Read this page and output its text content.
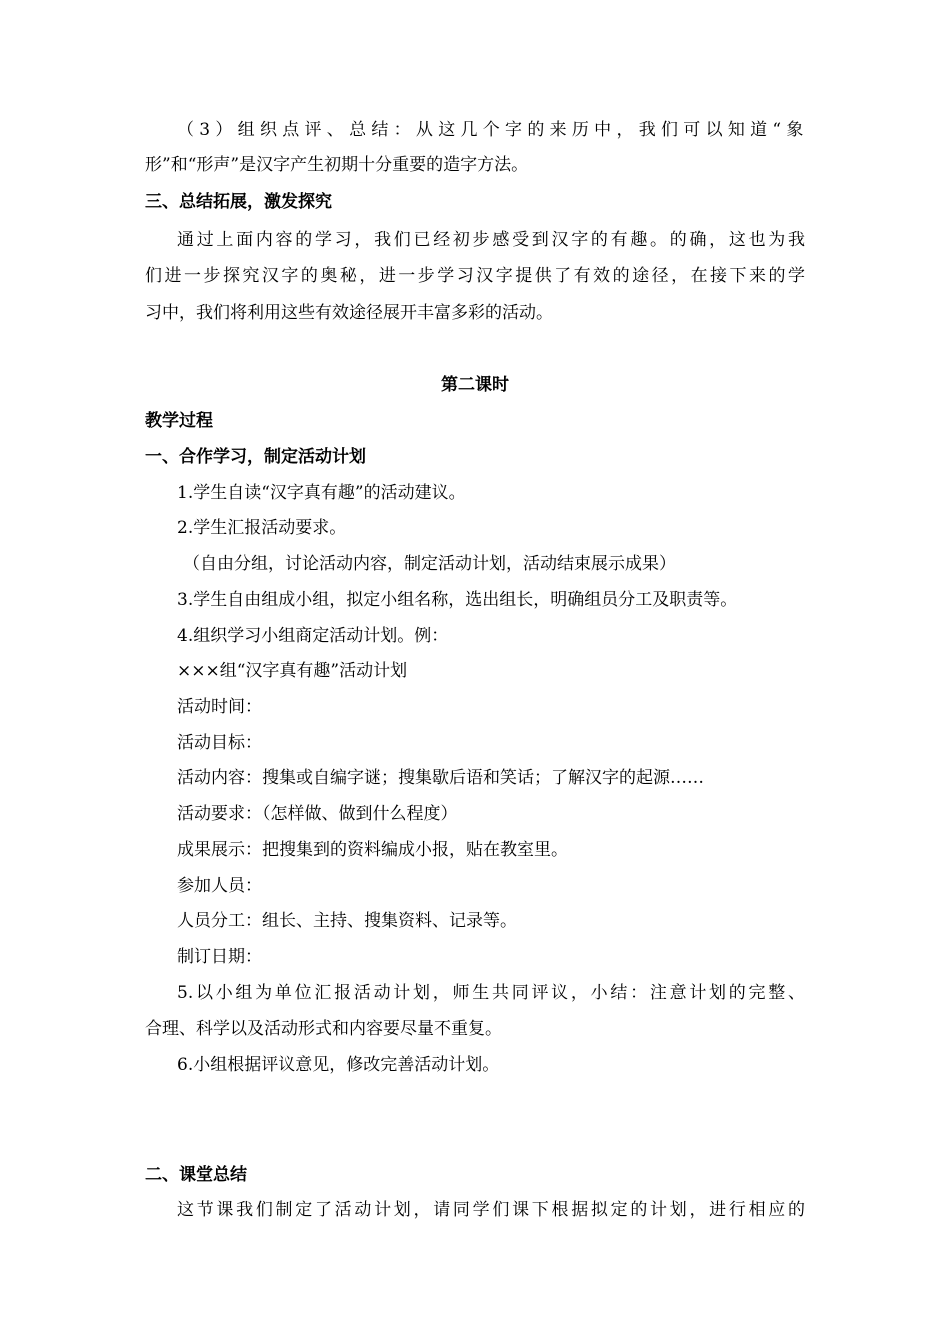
（3）组织点评、总结：从这几个字的来历中，我们可以知道“象
形”和“形声”是汉字产生初期十分重要的造字方法。
三、总结拓展，激发探究
通过上面内容的学习，我们已经初步感受到汉字的有趣。的确，这也为我
们进一步探究汉字的奥秘，进一步学习汉字提供了有效的途径，在接下来的学
习中，我们将利用这些有效途径展开丰富多彩的活动。
第二课时
教学过程
一、合作学习，制定活动计划
1.学生自读“汉字真有趣”的活动建议。
2.学生汇报活动要求。
（自由分组，讨论活动内容，制定活动计划，活动结束展示成果）
3.学生自由组成小组，拟定小组名称，选出组长，明确组员分工及职责等。
4.组织学习小组商定活动计划。例：
×××组“汉字真有趣”活动计划
活动时间：
活动目标：
活动内容：搜集或自编字谜；搜集歇后语和笑话；了解汉字的起源……
活动要求：（怎样做、做到什么程度）
成果展示：把搜集到的资料编成小报，贴在教室里。
参加人员：
人员分工：组长、主持、搜集资料、记录等。
制订日期：
5.以小组为单位汇报活动计划，师生共同评议，小结：注意计划的完整、
合理、科学以及活动形式和内容要尽量不重复。
6.小组根据评议意见，修改完善活动计划。
二、课堂总结
这节课我们制定了活动计划，请同学们课下根据拟定的计划，进行相应的
